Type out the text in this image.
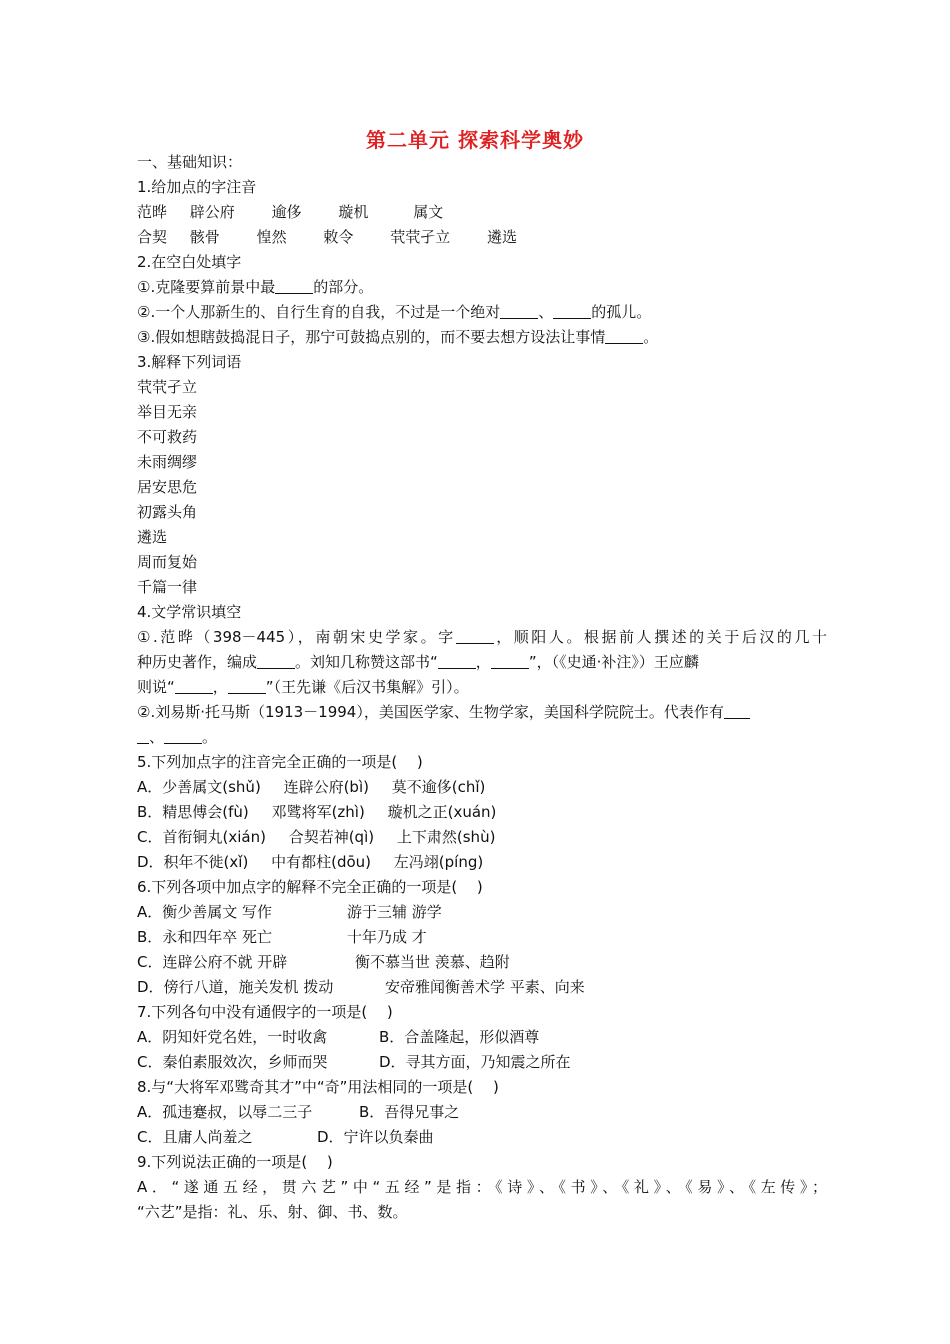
第二单元 探索科学奥妙
一、基础知识：
1.给加点的字注音
范晔 辟公府 逾侈 璇机	属文
合契 骸骨 惶然 敕令 茕茕孑立 遴选
2.在空白处填字
①.克隆要算前景中最	的部分。
②.一个人那新生的、自行生育的自我，不过是一个绝对	、	的孤儿。
③.假如想瞎鼓捣混日子，那宁可鼓捣点别的，而不要去想方设法让事情	。
3.解释下列词语
茕茕孑立
举目无亲
不可救药
未雨绸缪
居安思危
初露头角
遴选
周而复始
千篇一律
4.文学常识填空
①.范晔（398－445），南朝宋史学家。字	，顺阳人。根据前人撰述的关于后汉的几十
种历史著作，编成	。刘知几称赞这部书“	，	”，（《史通·补注》）王应麟
则说“	，	”（王先谦《后汉书集解》引）。
②.刘易斯·托马斯（1913－1994），美国医学家、生物学家，美国科学院院士。代表作有
、	。
5.下列加点字的注音完全正确的一项是(　 )
A．少善属文(shǔ) 连辟公府(bì) 莫不逾侈(chǐ)
B．精思傅会(fù) 邓骘将军(zhì) 璇机之正(xuán)
C．首衔铜丸(xián) 合契若神(qì) 上下肃然(shù)
D．积年不徙(xǐ) 中有都柱(dōu) 左冯翊(píng)
6.下列各项中加点字的解释不完全正确的一项是(　 )
A．衡少善属文 写作	游于三辅 游学
B．永和四年卒 死亡	十年乃成 才
C．连辟公府不就 开辟	衡不慕当世 羡慕、趋附
D．傍行八道，施关发机 拨动	安帝雅闻衡善术学 平素、向来
7.下列各句中没有通假字的一项是(　 )
A．阴知奸党名姓，一时收禽	B．合盖隆起，形似酒尊
C．秦伯素服效次，乡师而哭	D．寻其方面，乃知震之所在
8.与“大将军邓骘奇其才”中“奇”用法相同的一项是(　 )
A．孤违蹇叔，以辱二三子	B．吾得兄事之
C．且庸人尚羞之	D．宁许以负秦曲
9.下列说法正确的一项是(　 )
A．“遂通五经，贯六艺”中“五经”是指：《诗》、《书》、《礼》、《易》、《左传》；
“六艺”是指：礼、乐、射、御、书、数。
